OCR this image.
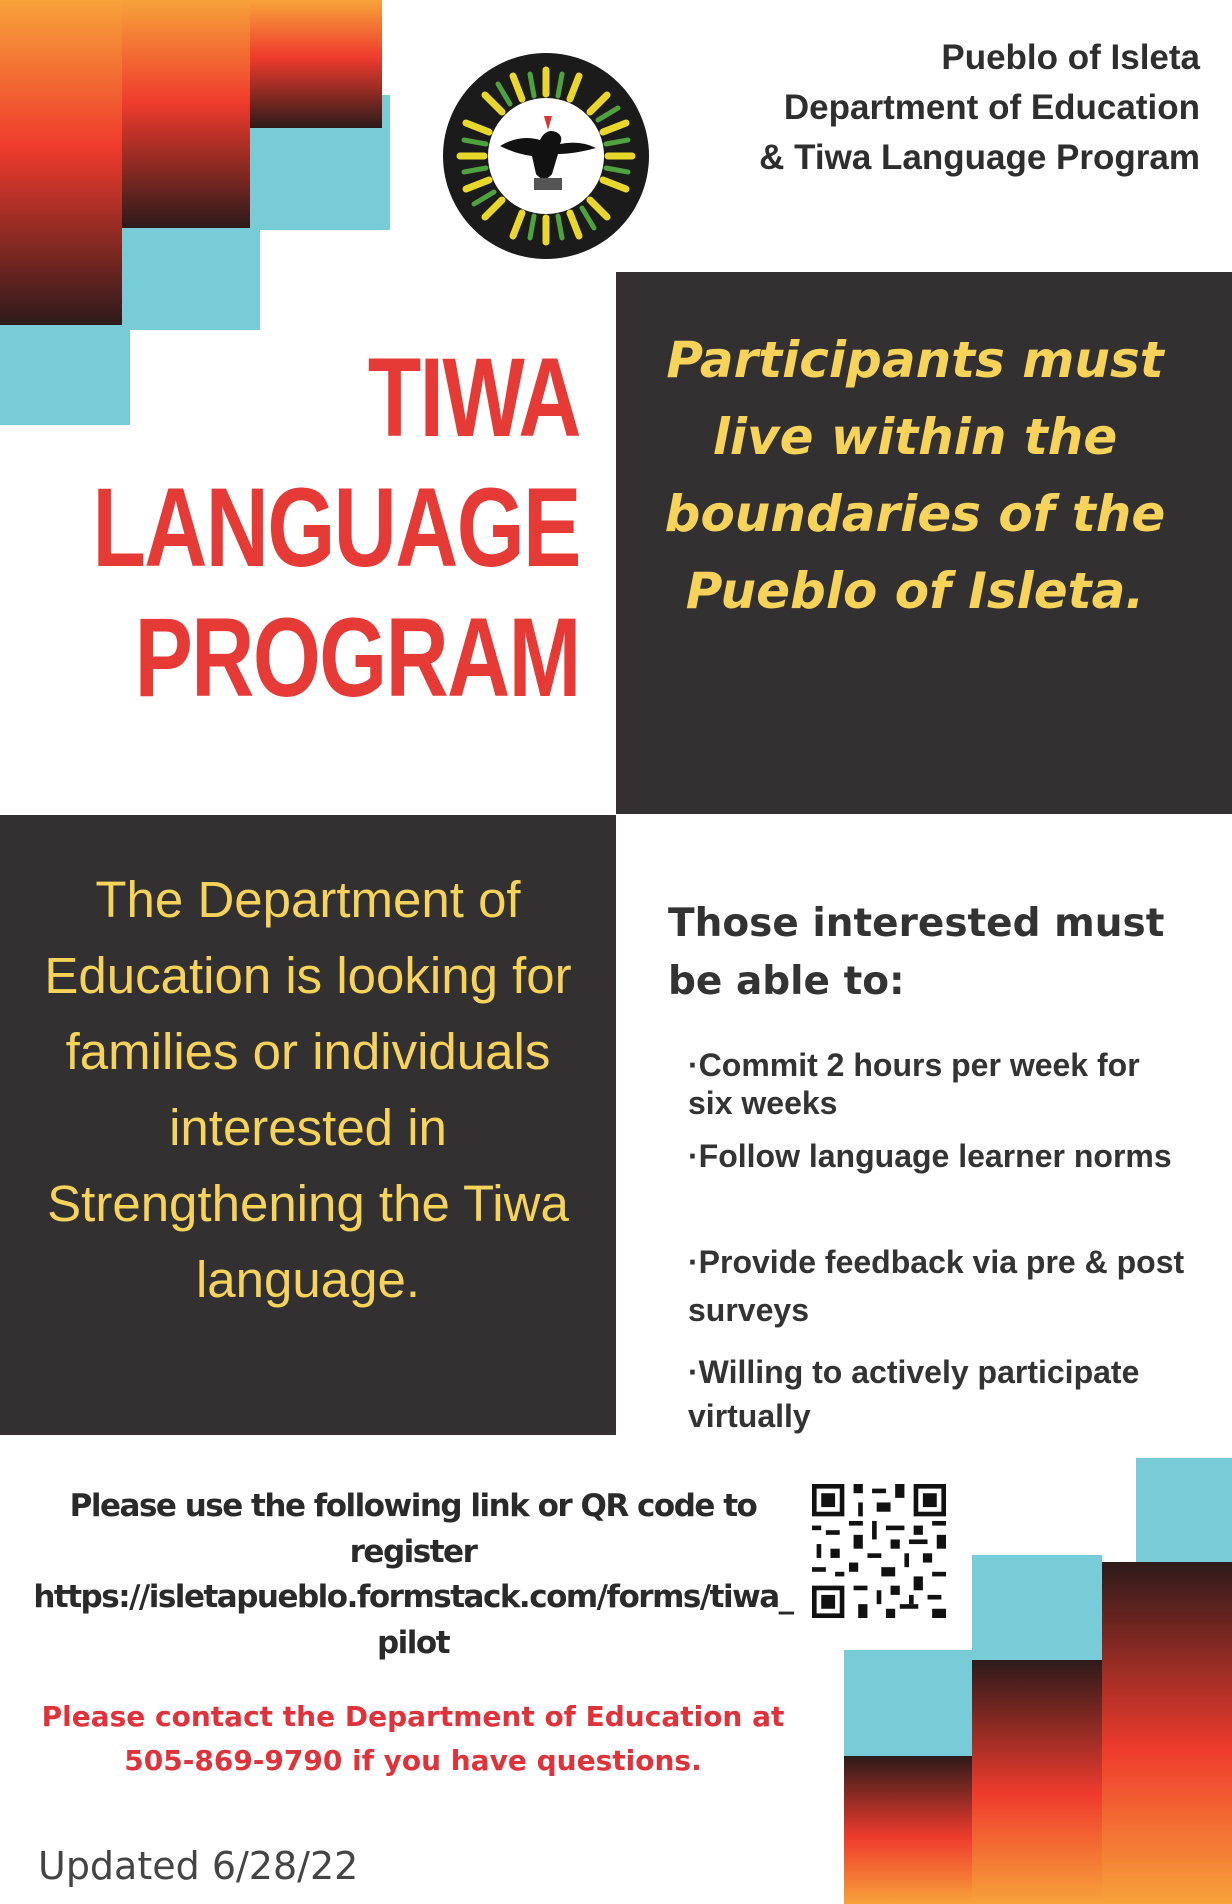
Pueblo of Isleta
Department of Education
& Tiwa Language Program
TIWA
LANGUAGE
PROGRAM
Participants must live within the boundaries of the Pueblo of Isleta.
The Department of Education is looking for families or individuals interested in Strengthening the Tiwa language.
Those interested must be able to:
·Commit 2 hours per week for six weeks
·Follow language learner norms
·Provide feedback via pre & post surveys
·Willing to actively participate virtually
Please use the following link or QR code to register
https://isletapueblo.formstack.com/forms/tiwa_pilot
Please contact the Department of Education at
505-869-9790 if you have questions.
Updated 6/28/22
